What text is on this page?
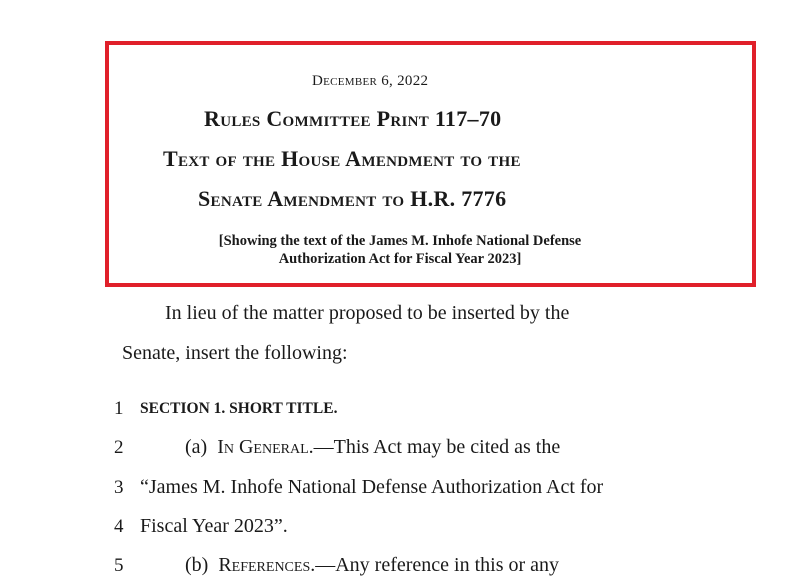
December 6, 2022
Rules Committee Print 117–70
Text of the House Amendment to the
Senate Amendment to H.R. 7776
[Showing the text of the James M. Inhofe National Defense
Authorization Act for Fiscal Year 2023]
In lieu of the matter proposed to be inserted by the
Senate, insert the following:
1 SECTION 1. SHORT TITLE.
2	(a) In General.—This Act may be cited as the
3 “James M. Inhofe National Defense Authorization Act for
4 Fiscal Year 2023”.
5	(b) References.—Any reference in this or any
